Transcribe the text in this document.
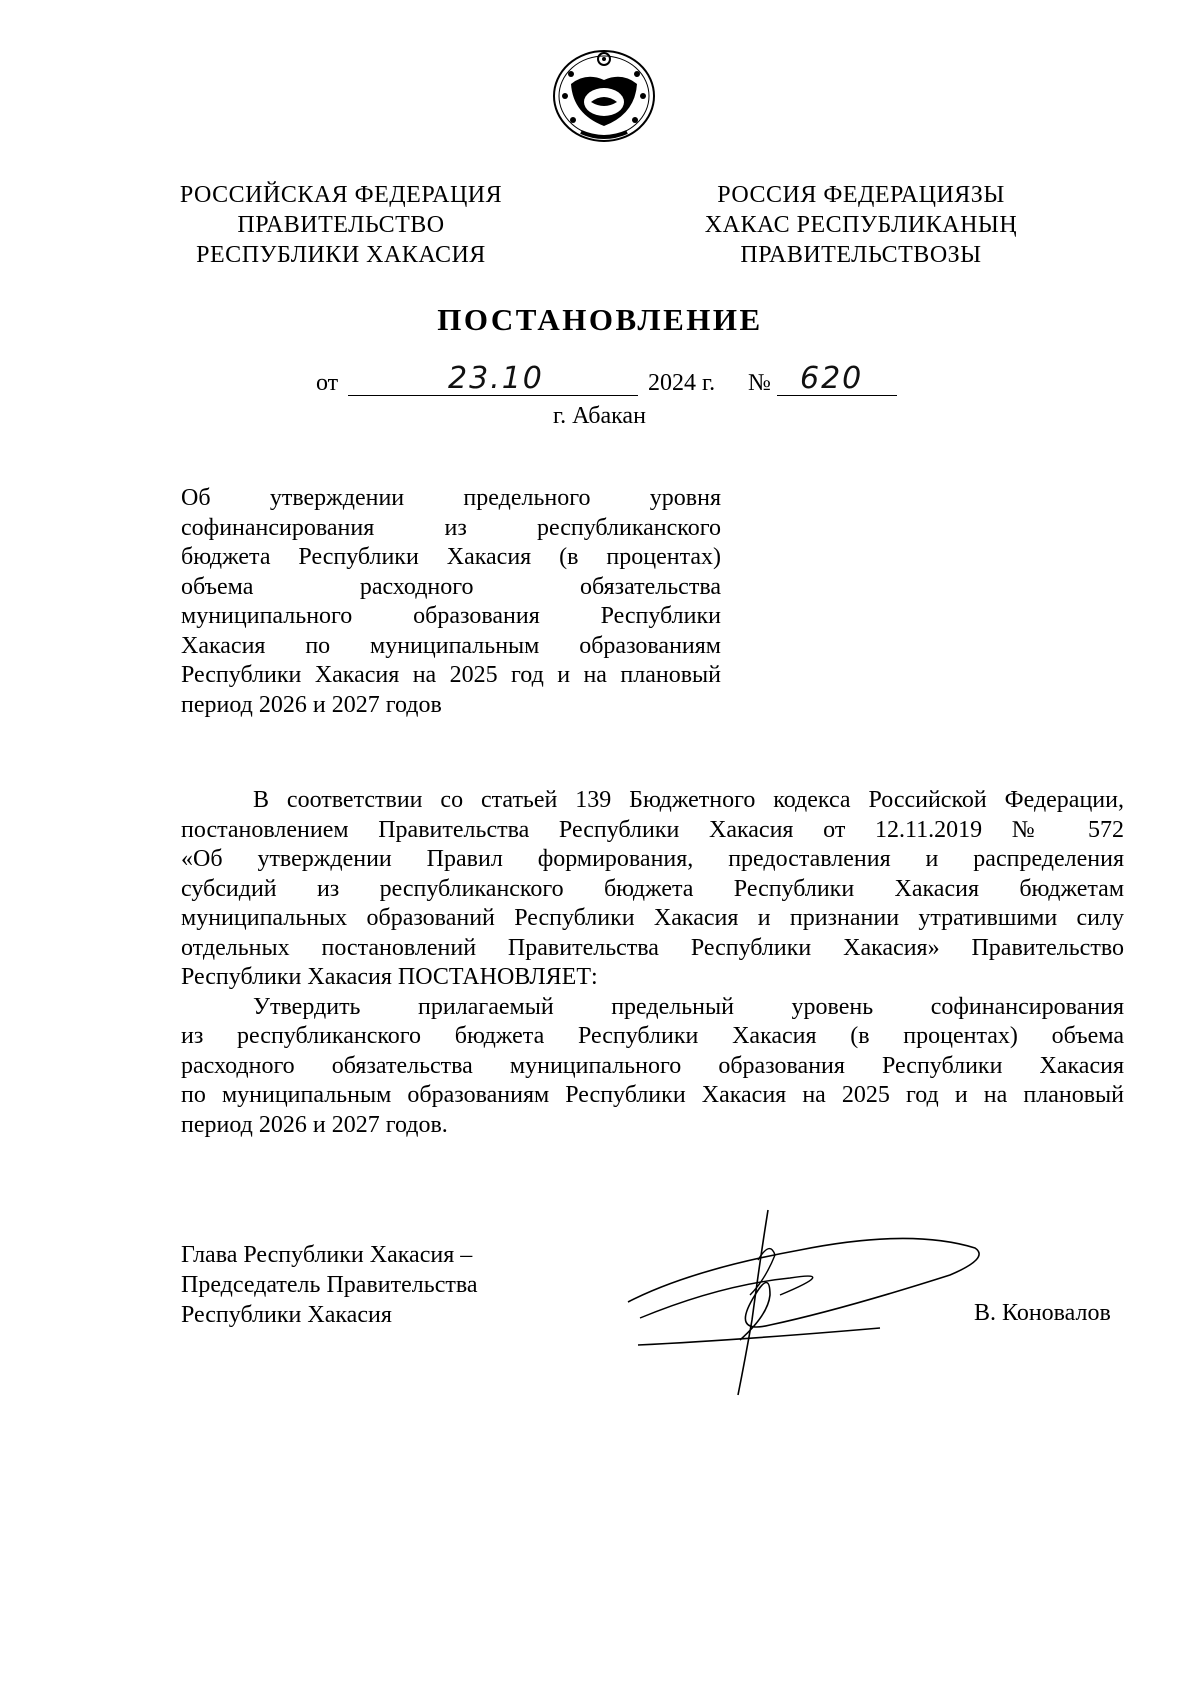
РОССИЙСКАЯ ФЕДЕРАЦИЯ
ПРАВИТЕЛЬСТВО
РЕСПУБЛИКИ ХАКАСИЯ
РОССИЯ ФЕДЕРАЦИЯЗЫ
ХАКАС РЕСПУБЛИКАНЫҢ
ПРАВИТЕЛЬСТВОЗЫ
ПОСТАНОВЛЕНИЕ
от	23.10	2024 г. № 620
г. Абакан
Об утверждении предельного уровня
софинансирования из республиканского
бюджета Республики Хакасия (в процентах)
объема расходного обязательства
муниципального образования Республики
Хакасия по муниципальным образованиям
Республики Хакасия на 2025 год и на плановый
период 2026 и 2027 годов
В соответствии со статьей 139 Бюджетного кодекса Российской Федерации,
постановлением Правительства Республики Хакасия от 12.11.2019 № 572
«Об утверждении Правил формирования, предоставления и распределения
субсидий из республиканского бюджета Республики Хакасия бюджетам
муниципальных образований Республики Хакасия и признании утратившими силу
отдельных постановлений Правительства Республики Хакасия» Правительство
Республики Хакасия ПОСТАНОВЛЯЕТ:
Утвердить прилагаемый предельный уровень софинансирования
из республиканского бюджета Республики Хакасия (в процентах) объема
расходного обязательства муниципального образования Республики Хакасия
по муниципальным образованиям Республики Хакасия на 2025 год и на плановый
период 2026 и 2027 годов.
Глава Республики Хакасия –
Председатель Правительства
Республики Хакасия	В. Коновалов
